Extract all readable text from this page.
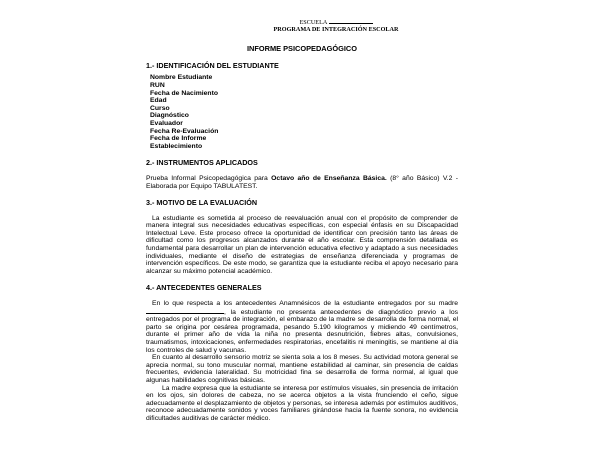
ESCUELA
PROGRAMA DE INTEGRACIÓN ESCOLAR
INFORME PSICOPEDAGÓGICO
1.- IDENTIFICACIÓN DEL ESTUDIANTE
Nombre Estudiante
RUN
Fecha de Nacimiento
Edad
Curso
Diagnóstico
Evaluador
Fecha Re-Evaluación
Fecha de Informe
Establecimiento
2.- INSTRUMENTOS APLICADOS
Prueba Informal Psicopedagógica para Octavo año de Enseñanza Básica. (8° año Básico) V.2 - Elaborada por Equipo TABULATEST.
3.- MOTIVO DE LA EVALUACIÓN

La estudiante es sometida al proceso de reevaluación anual con el propósito de comprender de manera integral sus necesidades educativas específicas, con especial énfasis en su Discapacidad Intelectual Leve. Este proceso ofrece la oportunidad de identificar con precisión tanto las áreas de dificultad como los progresos alcanzados durante el año escolar. Esta comprensión detallada es fundamental para desarrollar un plan de intervención educativa efectivo y adaptado a sus necesidades individuales, mediante el diseño de estrategias de enseñanza diferenciada y programas de intervención específicos. De este modo, se garantiza que la estudiante reciba el apoyo necesario para alcanzar su máximo potencial académico.

4.- ANTECEDENTES GENERALES

En lo que respecta a los antecedentes Anamnésicos de la estudiante entregados por su madre , la estudiante no presenta antecedentes de diagnóstico previo a los entregados por el programa de integración, el embarazo de la madre se desarrolla de forma normal, el parto se origina por cesárea programada, pesando 5.190 kilogramos y midiendo 49 centímetros, durante el primer año de vida la niña no presenta desnutrición, fiebres altas, convulsiones, traumatismos, intoxicaciones, enfermedades respiratorias, encefalitis ni meningitis, se mantiene al día los controles de salud y vacunas.

En cuanto al desarrollo sensorio motriz se sienta sola a los 8 meses. Su actividad motora general se aprecia normal, su tono muscular normal, mantiene estabilidad al caminar, sin presencia de caídas frecuentes, evidencia lateralidad. Su motricidad fina se desarrolla de forma normal, al igual que algunas habilidades cognitivas básicas.

La madre expresa que la estudiante se interesa por estímulos visuales, sin presencia de irritación en los ojos, sin dolores de cabeza, no se acerca objetos a la vista frunciendo el ceño, sigue adecuadamente el desplazamiento de objetos y personas, se interesa además por estímulos auditivos, reconoce adecuadamente sonidos y voces familiares girándose hacia la fuente sonora, no evidencia dificultades auditivas de carácter médico.
